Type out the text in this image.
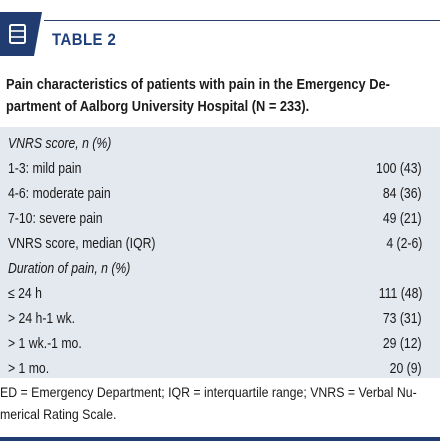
TABLE 2
Pain characteristics of patients with pain in the Emergency De-
partment of Aalborg University Hospital (N = 233).
VNRS score, n (%)
1-3: mild pain	100 (43)
4-6: moderate pain	84 (36)
7-10: severe pain	49 (21)
VNRS score, median (IQR)	4 (2-6)
Duration of pain, n (%)
≤ 24 h	111 (48)
> 24 h-1 wk.	73 (31)
> 1 wk.-1 mo.	29 (12)
> 1 mo.	20 (9)
ED = Emergency Department; IQR = interquartile range; VNRS = Verbal Nu-
merical Rating Scale.
